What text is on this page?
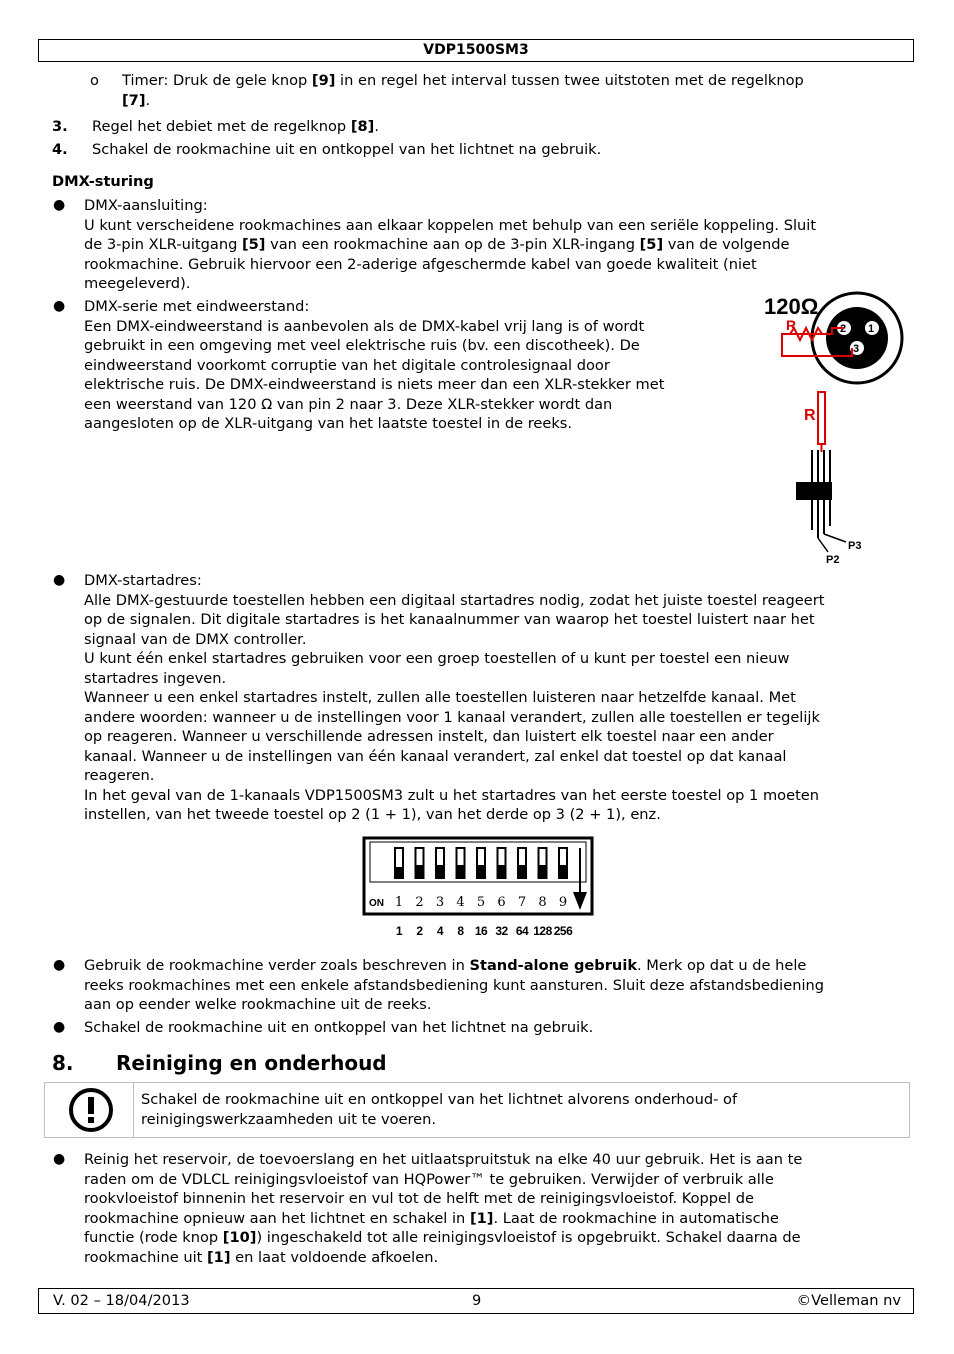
VDP1500SM3
o Timer: Druk de gele knop [9] in en regel het interval tussen twee uitstoten met de regelknop

[7].

3. Regel het debiet met de regelknop [8].
4. Schakel de rookmachine uit en ontkoppel van het lichtnet na gebruik.
DMX-sturing
● DMX-aansluiting:

U kunt verscheidene rookmachines aan elkaar koppelen met behulp van een seriële koppeling. Sluit

de 3-pin XLR-uitgang [5] van een rookmachine aan op de 3-pin XLR-ingang [5] van de volgende

rookmachine. Gebruik hiervoor een 2-aderige afgeschermde kabel van goede kwaliteit (niet

meegeleverd).

● DMX-serie met eindweerstand:

Een DMX-eindweerstand is aanbevolen als de DMX-kabel vrij lang is of wordt

gebruikt in een omgeving met veel elektrische ruis (bv. een discotheek). De

eindweerstand voorkomt corruptie van het digitale controlesignaal door

elektrische ruis. De DMX-eindweerstand is niets meer dan een XLR-stekker met

een weerstand van 120 Ω van pin 2 naar 3. Deze XLR-stekker wordt dan

aangesloten op de XLR-uitgang van het laatste toestel in de reeks.

120Ω
R	2 1
3
R
P3
P2
● DMX-startadres:

Alle DMX-gestuurde toestellen hebben een digitaal startadres nodig, zodat het juiste toestel reageert

op de signalen. Dit digitale startadres is het kanaalnummer van waarop het toestel luistert naar het

signaal van de DMX controller.

U kunt één enkel startadres gebruiken voor een groep toestellen of u kunt per toestel een nieuw

startadres ingeven.

Wanneer u een enkel startadres instelt, zullen alle toestellen luisteren naar hetzelfde kanaal. Met

andere woorden: wanneer u de instellingen voor 1 kanaal verandert, zullen alle toestellen er tegelijk

op reageren. Wanneer u verschillende adressen instelt, dan luistert elk toestel naar een ander

kanaal. Wanneer u de instellingen van één kanaal verandert, zal enkel dat toestel op dat kanaal

reageren.

In het geval van de 1-kanaals VDP1500SM3 zult u het startadres van het eerste toestel op 1 moeten

instellen, van het tweede toestel op 2 (1 + 1), van het derde op 3 (2 + 1), enz.

ON 1 2 3 4 5 6 7 8 9
1 2 4 8 16 32 64 128 256
● Gebruik de rookmachine verder zoals beschreven in Stand-alone gebruik. Merk op dat u de hele

reeks rookmachines met een enkele afstandsbediening kunt aansturen. Sluit deze afstandsbediening

aan op eender welke rookmachine uit de reeks.

● Schakel de rookmachine uit en ontkoppel van het lichtnet na gebruik.
8. Reiniging en onderhoud

Schakel de rookmachine uit en ontkoppel van het lichtnet alvorens onderhoud- of

reinigingswerkzaamheden uit te voeren.

● Reinig het reservoir, de toevoerslang en het uitlaatspruitstuk na elke 40 uur gebruik. Het is aan te

raden om de VDLCL reinigingsvloeistof van HQPower™ te gebruiken. Verwijder of verbruik alle

rookvloeistof binnenin het reservoir en vul tot de helft met de reinigingsvloeistof. Koppel de

rookmachine opnieuw aan het lichtnet en schakel in [1]. Laat de rookmachine in automatische

functie (rode knop [10]) ingeschakeld tot alle reinigingsvloeistof is opgebruikt. Schakel daarna de

rookmachine uit [1] en laat voldoende afkoelen.

V. 02 – 18/04/2013	9	©Velleman nv
